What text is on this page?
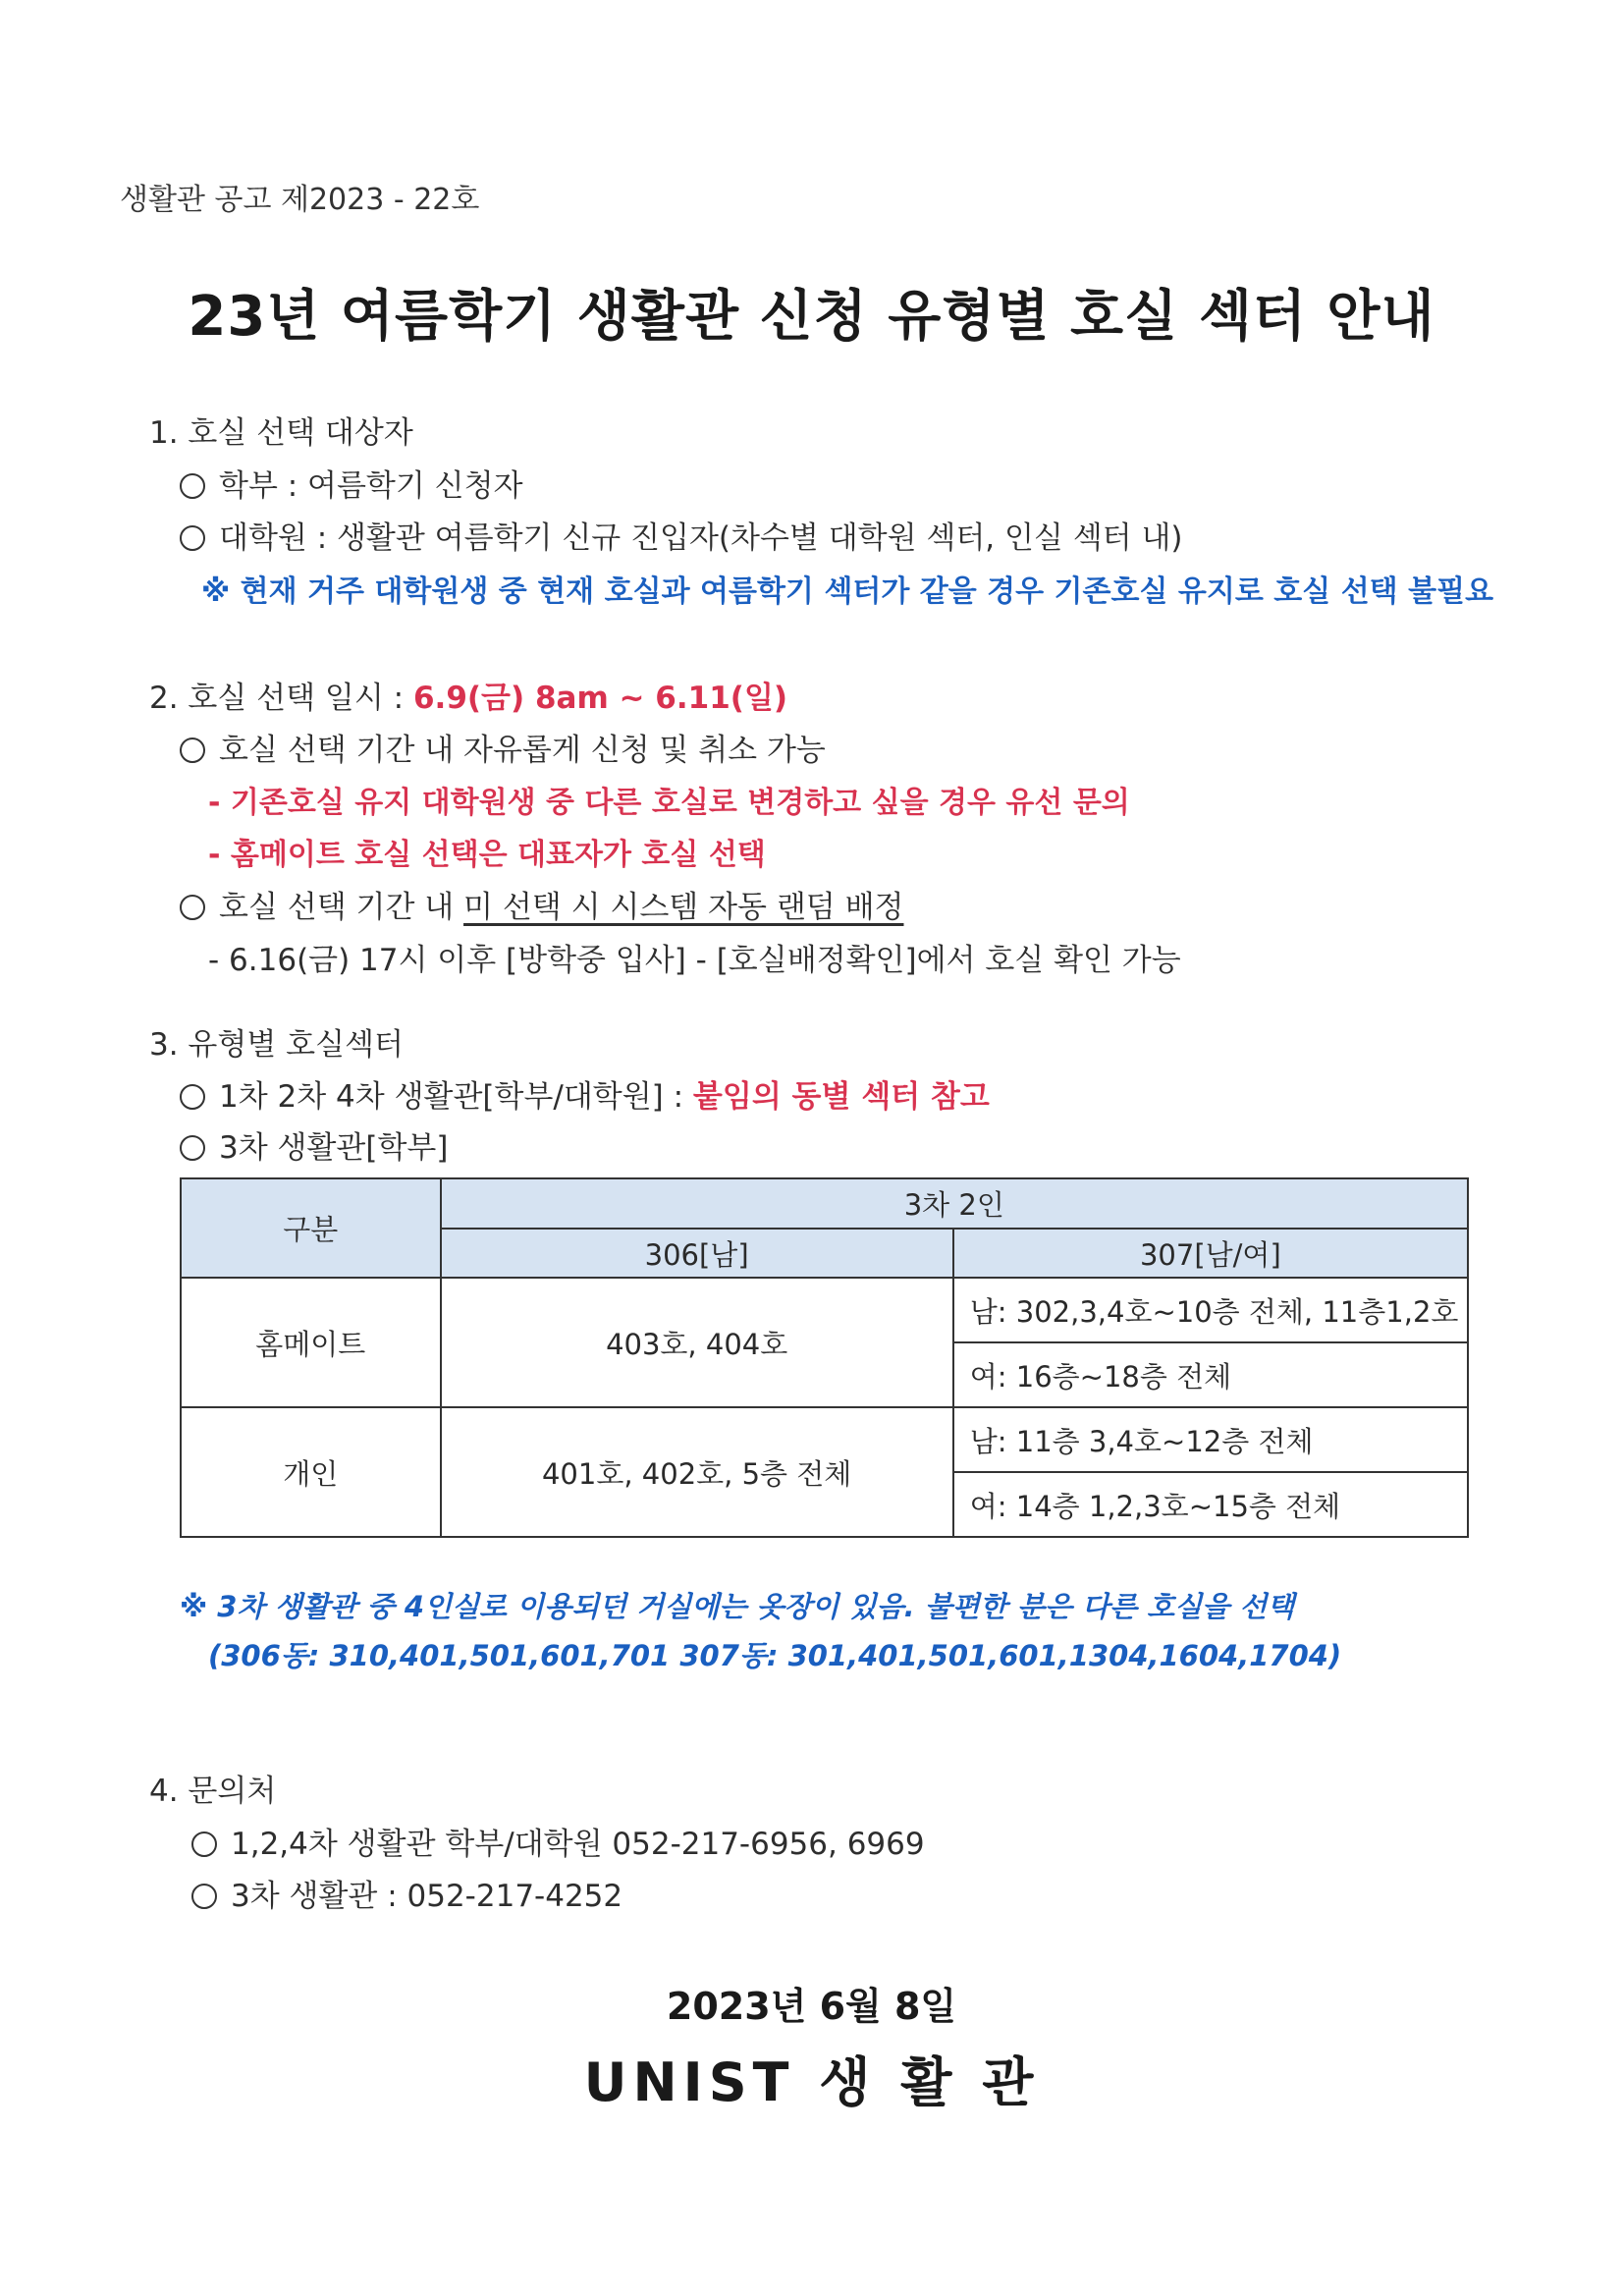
생활관 공고 제2023 - 22호
23년 여름학기 생활관 신청 유형별 호실 섹터 안내
1. 호실 선택 대상자
학부 : 여름학기 신청자
대학원 : 생활관 여름학기 신규 진입자(차수별 대학원 섹터, 인실 섹터 내)
※ 현재 거주 대학원생 중 현재 호실과 여름학기 섹터가 같을 경우 기존호실 유지로 호실 선택 불필요
2. 호실 선택 일시 : 6.9(금) 8am ~ 6.11(일)
호실 선택 기간 내 자유롭게 신청 및 취소 가능
- 기존호실 유지 대학원생 중 다른 호실로 변경하고 싶을 경우 유선 문의
- 홈메이트 호실 선택은 대표자가 호실 선택
호실 선택 기간 내 미 선택 시 시스템 자동 랜덤 배정
- 6.16(금) 17시 이후 [방학중 입사] - [호실배정확인]에서 호실 확인 가능
3. 유형별 호실섹터
1차 2차 4차 생활관[학부/대학원] : 붙임의 동별 섹터 참고
3차 생활관[학부]
구분	3차 2인	
	306[남]	307[남/여]
홈메이트	403호, 404호	남: 302,3,4호~10층 전체, 11층1,2호
		여: 16층~18층 전체
개인	401호, 402호, 5층 전체	남: 11층 3,4호~12층 전체
		여: 14층 1,2,3호~15층 전체
※ 3차 생활관 중 4인실로 이용되던 거실에는 옷장이 있음. 불편한 분은 다른 호실을 선택
(306동: 310,401,501,601,701 307동: 301,401,501,601,1304,1604,1704)
4. 문의처
1,2,4차 생활관 학부/대학원 052-217-6956, 6969
3차 생활관 : 052-217-4252
2023년 6월 8일
UNIST 생 활 관
